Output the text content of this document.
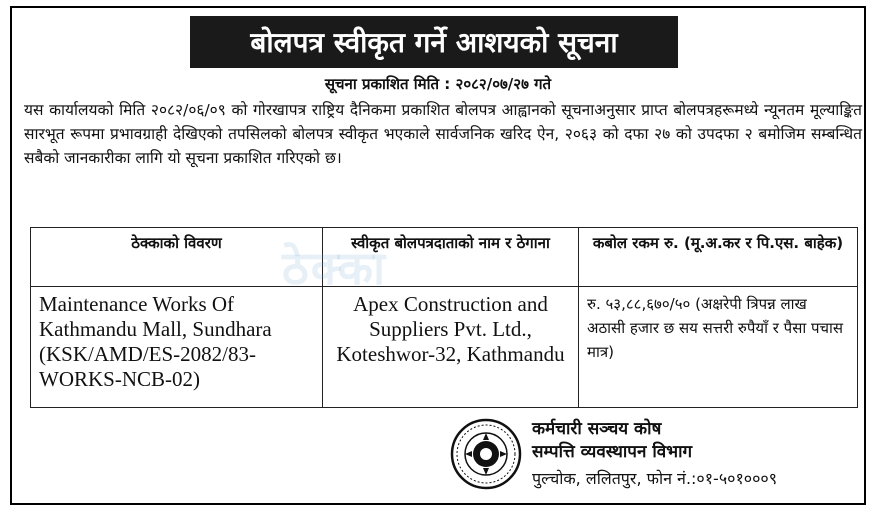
बोलपत्र स्वीकृत गर्ने आशयको सूचना
सूचना प्रकाशित मिति : २०८२/०७/२७ गते
यस कार्यालयको मिति २०८२/०६/०९ को गोरखापत्र राष्ट्रिय दैनिकमा प्रकाशित बोलपत्र आह्वानको सूचनाअनुसार प्राप्त बोलपत्रहरूमध्ये न्यूनतम मूल्याङ्कित सारभूत रूपमा प्रभावग्राही देखिएको तपसिलको बोलपत्र स्वीकृत भएकाले सार्वजनिक खरिद ऐन, २०६३ को दफा २७ को उपदफा २ बमोजिम सम्बन्धित सबैको जानकारीका लागि यो सूचना प्रकाशित गरिएको छ।
ठेक्काको विवरण	स्वीकृत बोलपत्रदाताको नाम र ठेगाना	कबोल रकम रु. (मू.अ.कर र पि.एस. बाहेक)
Maintenance Works Of Kathmandu Mall, Sundhara (KSK/AMD/ES-2082/83-WORKS-NCB-02)	Apex Construction and Suppliers Pvt. Ltd., Koteshwor-32, Kathmandu	रु. ५३,८८,६७०/५० (अक्षरेपी त्रिपन्न लाख अठासी हजार छ सय सत्तरी रुपैयाँ र पैसा पचास मात्र)
ठेक्का
कर्मचारी सञ्चय कोष
सम्पत्ति व्यवस्थापन विभाग
पुल्चोक, ललितपुर, फोन नं.:०१-५०१०००९
